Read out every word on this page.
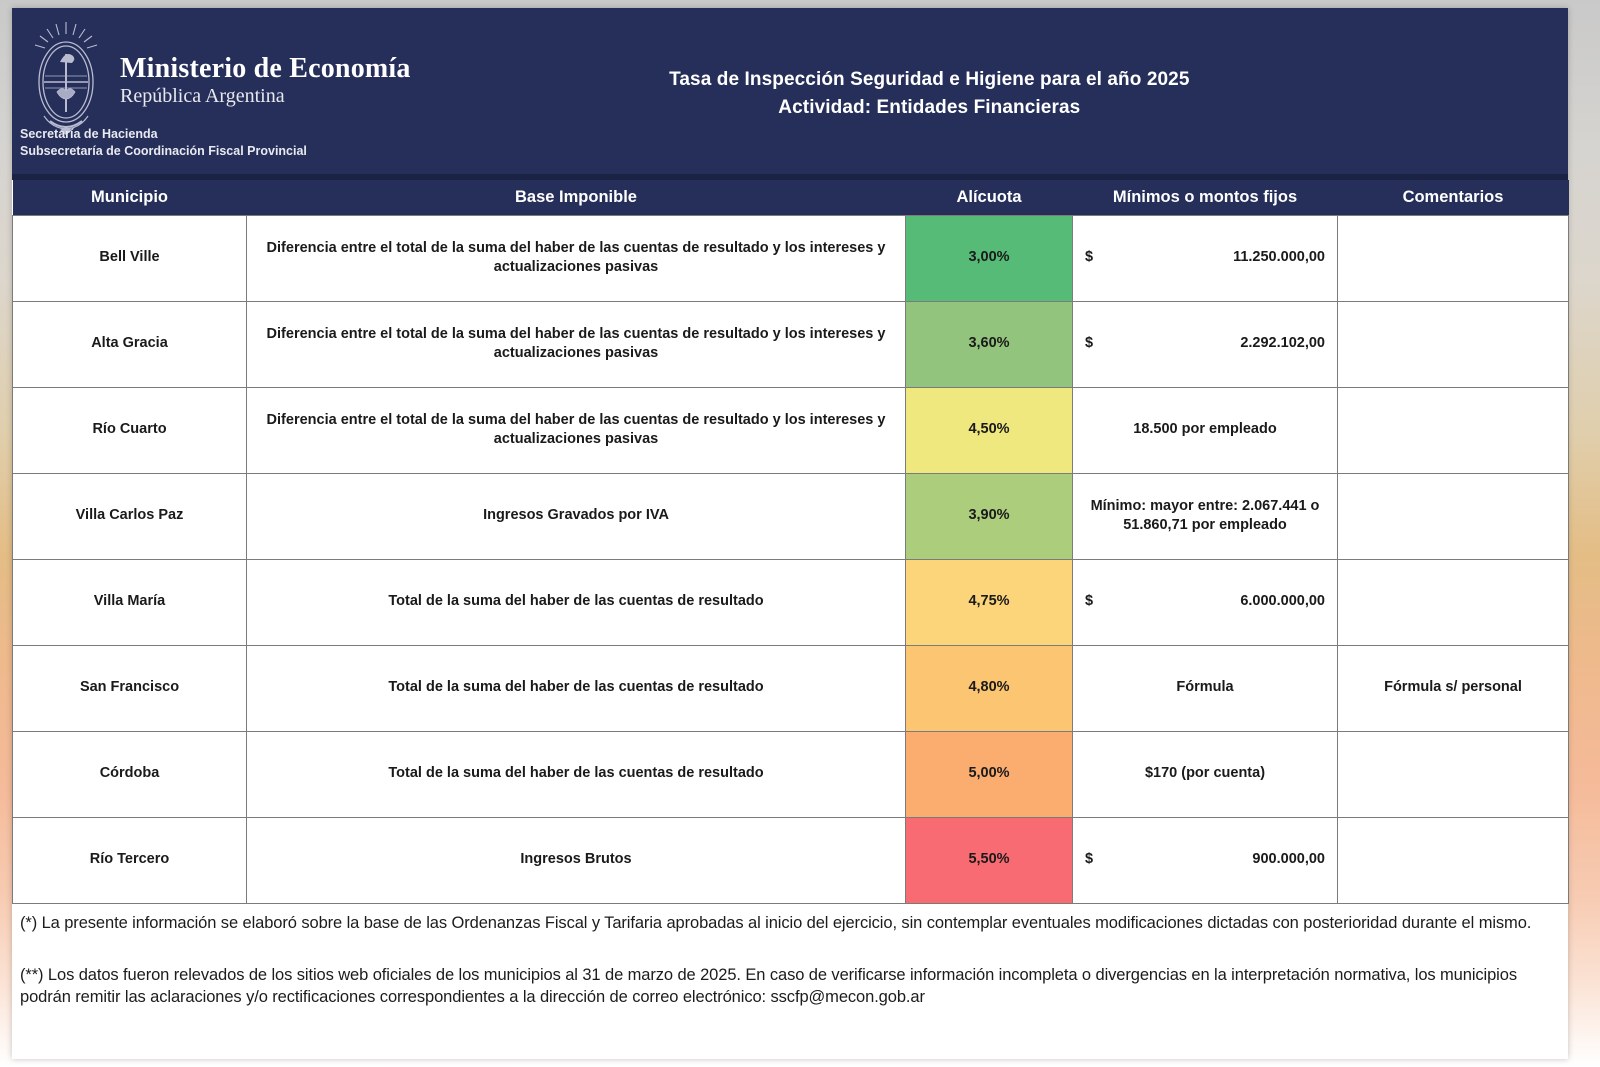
Ministerio de Economía
República Argentina
Tasa de Inspección Seguridad e Higiene para el año 2025
Actividad: Entidades Financieras
Secretaría de Hacienda
Subsecretaría de Coordinación Fiscal Provincial
Municipio	Base Imponible	Alícuota	Mínimos o montos fijos	Comentarios
Bell Ville	Diferencia entre el total de la suma del haber de las cuentas de resultado y los intereses y actualizaciones pasivas	3,00%	$ 11.250.000,00	

Alta Gracia	Diferencia entre el total de la suma del haber de las cuentas de resultado y los intereses y actualizaciones pasivas	3,60%	$ 2.292.102,00	

Río Cuarto	Diferencia entre el total de la suma del haber de las cuentas de resultado y los intereses y actualizaciones pasivas	4,50%	18.500 por empleado	
Villa Carlos Paz	Ingresos Gravados por IVA	3,90%	Mínimo: mayor entre: 2.067.441 o 51.860,71 por empleado	
Villa María	Total de la suma del haber de las cuentas de resultado	4,75%	$ 6.000.000,00	

San Francisco	Total de la suma del haber de las cuentas de resultado	4,80%	Fórmula	Fórmula s/ personal
Córdoba	Total de la suma del haber de las cuentas de resultado	5,00%	$170 (por cuenta)	
Río Tercero	Ingresos Brutos	5,50%	$ 900.000,00	

(*) La presente información se elaboró sobre la base de las Ordenanzas Fiscal y Tarifaria aprobadas al inicio del ejercicio, sin contemplar eventuales modificaciones dictadas con posterioridad durante el mismo.

(**) Los datos fueron relevados de los sitios web oficiales de los municipios al 31 de marzo de 2025. En caso de verificarse información incompleta o divergencias en la interpretación normativa, los municipios podrán remitir las aclaraciones y/o rectificaciones correspondientes a la dirección de correo electrónico: sscfp@mecon.gob.ar
